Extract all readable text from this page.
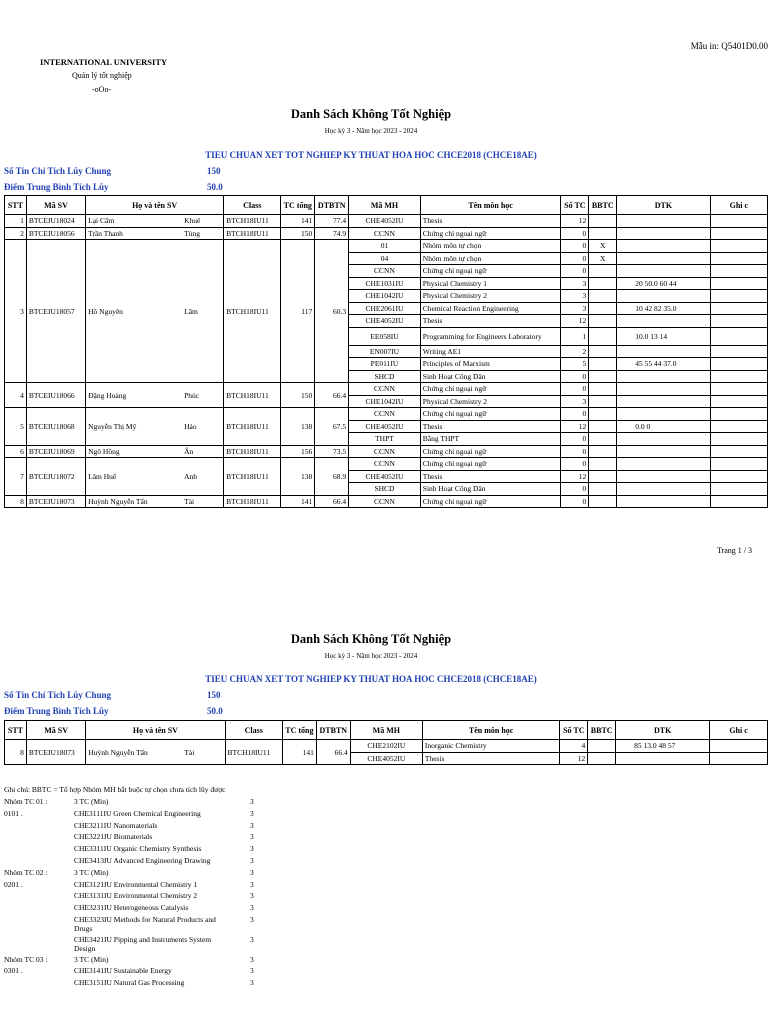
Mẫu in: Q5401D0.00
INTERNATIONAL UNIVERSITY
Quản lý tốt nghiệp
-oOo-
Danh Sách Không Tốt Nghiệp
Học kỳ 3 - Năm học 2023 - 2024
TIEU CHUAN XET TOT NGHIEP KY THUAT HOA HOC CHCE2018 (CHCE18AE)
Số Tín Chỉ Tích Lũy Chung	150
Điểm Trung Bình Tích Lũy	50.0
STT	Mã SV	Họ và tên SV	Class	TC tổng	DTBTN	Mã MH	Tên môn học	Số TC	BBTC	DTK	Ghi c
1	BTCEIU18024	Lại Cẩm Khuê	BTCH18IU11	141	77.4	CHE4052IU	Thesis	12			
2	BTCEIU18056	Trần Thanh Tùng	BTCH18IU11	150	74.9	CCNN	Chứng chỉ ngoại ngữ	0			
3	BTCEIU18057	Hồ Nguyên Lâm	BTCH18IU11	117	60.3	01	Nhóm môn tự chọn	0	X		
						04	Nhóm môn tự chọn	0	X		
						CCNN	Chứng chỉ ngoại ngữ	0			
						CHE1031IU	Physical Chemistry 1	3		20 50.0 60 44	
						CHE1042IU	Physical Chemistry 2	3			
						CHE2061IU	Chemical Reaction Engineering	3		10 42 82 35.0	
						CHE4052IU	Thesis	12			
						EE058IU	Programming for Engineers Laboratory	1		10.0 13 14	
						EN007IU	Writing AE1	2			
						PE011IU	Principles of Marxism	5		45 55 44 37.0	
						SHCD	Sinh Hoạt Công Dân	0			
4	BTCEIU18066	Đặng Hoàng Phúc	BTCH18IU11	150	66.4	CCNN	Chứng chỉ ngoại ngữ	0			
						CHE1042IU	Physical Chemistry 2	3			
5	BTCEIU18068	Nguyễn Thị Mỹ Hảo	BTCH18IU11	138	67.5	CCNN	Chứng chỉ ngoại ngữ	0			
						CHE4052IU	Thesis	12		0.0 0	
						THPT	Bằng THPT	0			
6	BTCEIU18069	Ngô Hồng Ân	BTCH18IU11	156	73.5	CCNN	Chứng chỉ ngoại ngữ	0			
7	BTCEIU18072	Lâm Huế Anh	BTCH18IU11	138	68.9	CCNN	Chứng chỉ ngoại ngữ	0			
						CHE4052IU	Thesis	12			
						SHCD	Sinh Hoạt Công Dân	0			
8	BTCEIU18073	Huỳnh Nguyễn Tấn Tài	BTCH18IU11	141	66.4	CCNN	Chứng chỉ ngoại ngữ	0			
Trang 1 / 3
Danh Sách Không Tốt Nghiệp
Học kỳ 3 - Năm học 2023 - 2024
TIEU CHUAN XET TOT NGHIEP KY THUAT HOA HOC CHCE2018 (CHCE18AE)
Số Tín Chỉ Tích Lũy Chung	150
Điểm Trung Bình Tích Lũy	50.0
STT	Mã SV	Họ và tên SV	Class	TC tổng	DTBTN	Mã MH	Tên môn học	Số TC	BBTC	DTK	Ghi c
8	BTCEIU18073	Huỳnh Nguyễn Tấn Tài	BTCH18IU11	141	66.4	CHE2102IU	Inorganic Chemistry	4		85 13.0 48 57	
						CHE4052IU	Thesis	12			
Ghi chú: BBTC = Tổ hợp Nhóm MH bắt buộc tự chọn chưa tích lũy được
Nhóm TC 01 :	3 TC (Min)	3
0101 .	CHE3111IU Green Chemical Engineering	3
CHE3211IU Nanomaterials	3
CHE3221IU Biomaterials	3
CHE3311IU Organic Chemistry Synthesis	3
CHE3413IU Advanced Engineering Drawing	3
Nhóm TC 02 :	3 TC (Min)	3
0201 .	CHE3121IU Environmental Chemistry 1	3
CHE3131IU Environmental Chemistry 2	3
CHE3231IU Heterogeneous Catalysis	3
CHE3323IU Methods for Natural Products and Drugs
3
CHE3421IU Pipping and Instruments System Design
3
Nhóm TC 03 :	3 TC (Min)	3
0301 .	CHE3141IU Sustainable Energy	3
CHE3151IU Natural Gas Processing	3
